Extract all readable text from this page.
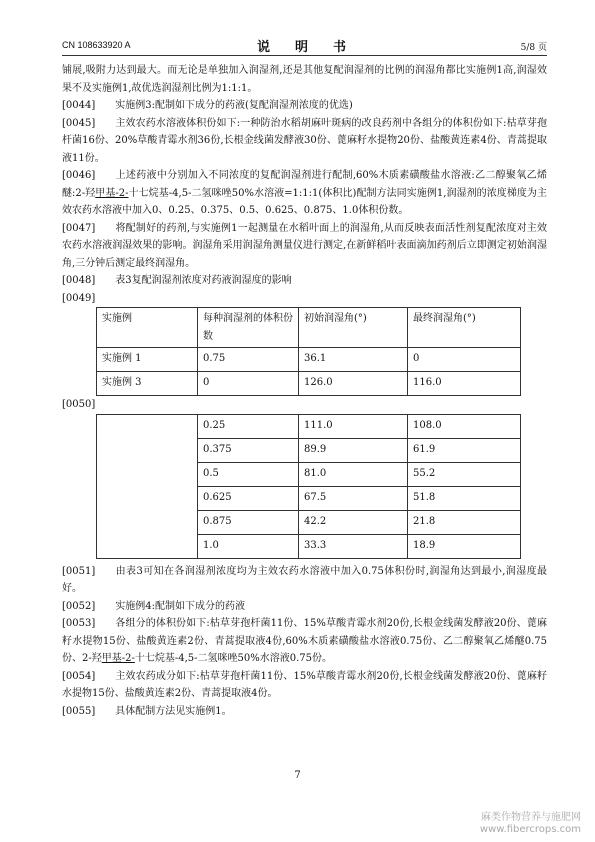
CN 108633920 A	说　明　书	5/8 页

铺展,吸附力达到最大。而无论是单独加入润湿剂,还是其他复配润湿剂的比例的润湿角都比实施例1高,润湿效果不及实施例1,故优选润湿剂比例为1:1:1。

[0044] 实施例3:配制如下成分的药液(复配润湿剂浓度的优选)

[0045] 主效农药水溶液体积份如下:一种防治水稻胡麻叶斑病的改良药剂中各组分的体积份如下:枯草芽孢杆菌16份、20%草酸青霉水剂36份,长根金线菌发酵液30份、蓖麻籽水提物20份、盐酸黄连素4份、青蒿提取液11份。

[0046] 上述药液中分别加入不同浓度的复配润湿剂进行配制,60%木质素磺酸盐水溶液:乙二醇聚氧乙烯醚:2-羟甲基-2-十七烷基-4,5-二氢咪唑50%水溶液=1:1:1(体积比)配制方法同实施例1,润湿剂的浓度梯度为主效农药水溶液中加入0、0.25、0.375、0.5、0.625、0.875、1.0体积份数。

[0047] 将配制好的药剂,与实施例1一起测量在水稻叶面上的润湿角,从而反映表面活性剂复配浓度对主效农药水溶液润湿效果的影响。润湿角采用润湿角测量仪进行测定,在新鲜稻叶表面滴加药剂后立即测定初始润湿角,三分钟后测定最终润湿角。

[0048] 表3复配润湿剂浓度对药液润湿度的影响

[0049]

实施例	每种润湿剂的体积份数	初始润湿角(°)	最终润湿角(°)
实施例 1	0.75	36.1	0
实施例 3	0	126.0	116.0

[0050]

	0.25	111.0	108.0
	0.375	89.9	61.9
	0.5	81.0	55.2
	0.625	67.5	51.8
	0.875	42.2	21.8
	1.0	33.3	18.9

[0051] 由表3可知在各润湿剂浓度均为主效农药水溶液中加入0.75体积份时,润湿角达到最小,润湿度最好。

[0052] 实施例4:配制如下成分的药液

[0053] 各组分的体积份如下:枯草芽孢杆菌11份、15%草酸青霉水剂20份,长根金线菌发酵液20份、蓖麻籽水提物15份、盐酸黄连素2份、青蒿提取液4份,60%木质素磺酸盐水溶液0.75份、乙二醇聚氧乙烯醚0.75份、2-羟甲基-2-十七烷基-4,5-二氢咪唑50%水溶液0.75份。

[0054] 主效农药成分如下:枯草芽孢杆菌11份、15%草酸青霉水剂20份,长根金线菌发酵液20份、蓖麻籽水提物15份、盐酸黄连素2份、青蒿提取液4份。

[0055] 具体配制方法见实施例1。

7
麻类作物营养与施肥网
www.fibercrops.com
